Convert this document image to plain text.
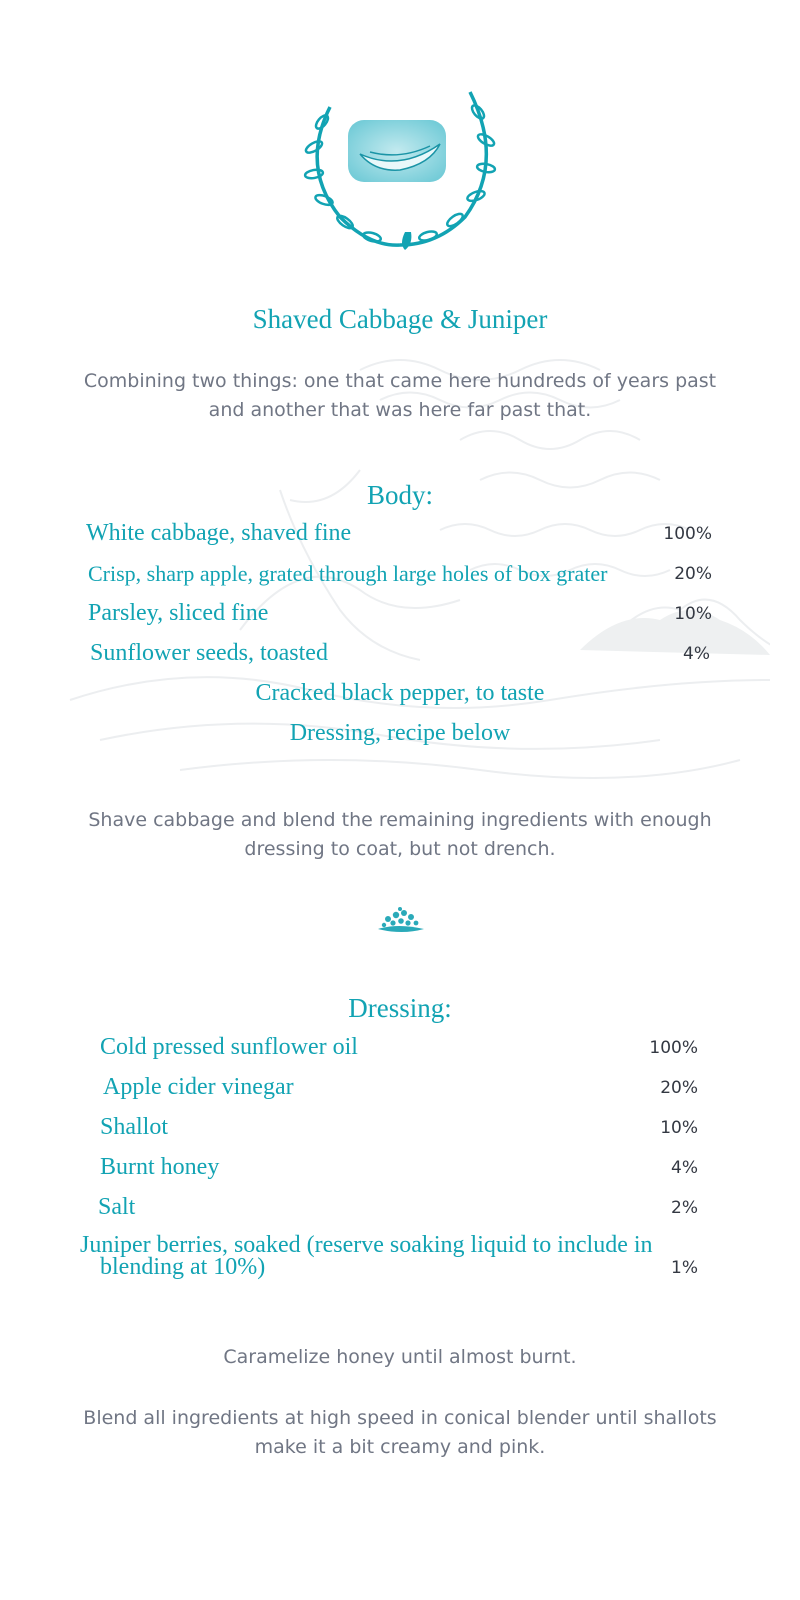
Shaved Cabbage & Juniper
Combining two things: one that came here hundreds of years past and another that was here far past that.
Body:
White cabbage, shaved fine	100%
Crisp, sharp apple, grated through large holes of box grater	20%
Parsley, sliced fine	10%
Sunflower seeds, toasted	4%
Cracked black pepper, to taste
Dressing, recipe below
Shave cabbage and blend the remaining ingredients with enough dressing to coat, but not drench.
Dressing:
Cold pressed sunflower oil	100%
Apple cider vinegar	20%
Shallot	10%
Burnt honey	4%
Salt	2%
Juniper berries, soaked (reserve soaking liquid to include in
blending at 10%)	1%
Caramelize honey until almost burnt.
Blend all ingredients at high speed in conical blender until shallots make it a bit creamy and pink.
